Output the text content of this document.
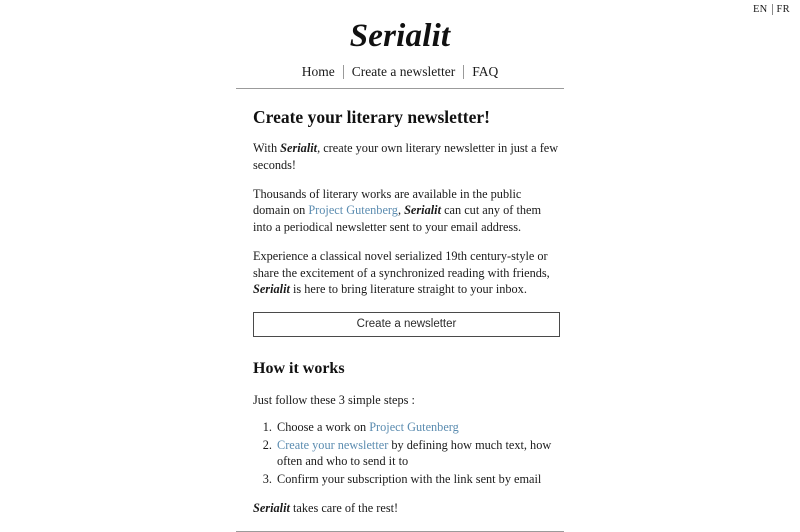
EN FR
Serialit
Home	Create a newsletter	FAQ
Create your literary newsletter!

With Serialit, create your own literary newsletter in just a few seconds!

Thousands of literary works are available in the public domain on Project Gutenberg, Serialit can cut any of them into a periodical newsletter sent to your email address.

Experience a classical novel serialized 19th century-style or share the excitement of a synchronized reading with friends, Serialit is here to bring literature straight to your inbox.

Create a newsletter
How it works

Just follow these 3 simple steps :

1. Choose a work on Project Gutenberg
2. Create your newsletter by defining how much text, how often and who to send it to
3. Confirm your subscription with the link sent by email

Serialit takes care of the rest!
